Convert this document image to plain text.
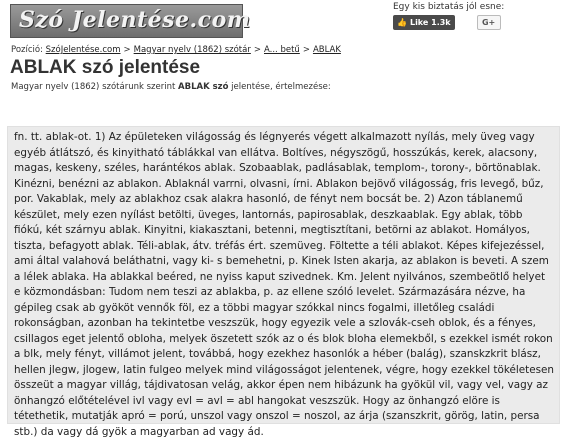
Szó Jelentése.com	Egy kis biztatás jól esne:
👍 Like 1.3k	G+
Pozíció: SzóJelentése.com > Magyar nyelv (1862) szótár > A... betű > ABLAK
ABLAK szó jelentése
Magyar nyelv (1862) szótárunk szerint ABLAK szó jelentése, értelmezése:

fn. tt. ablak-ot. 1) Az épületeken világosság és légnyerés végett alkalmazott nyílás, mely üveg vagy egyéb átlátszó, és kinyitható táblákkal van ellátva. Boltíves, négyszögű, hosszúkás, kerek, alacsony, magas, keskeny, széles, harántékos ablak. Szobaablak, padlásablak, templom-, torony-, börtönablak. Kinézni, benézni az ablakon. Ablaknál varrni, olvasni, írni. Ablakon bejövő világosság, fris levegő, bűz, por. Vakablak, mely az ablakhoz csak alakra hasonló, de fényt nem bocsát be. 2) Azon táblanemű készület, mely ezen nyílást betölti, üveges, lantornás, papirosablak, deszkaablak. Egy ablak, több fiókú, két szárnyu ablak. Kinyitni, kiakasztani, betenni, megtisztítani, betörni az ablakot. Homályos, tiszta, befagyott ablak. Téli-ablak, átv. tréfás ért. szemüveg. Föltette a téli ablakot. Képes kifejezéssel, ami által valahová beláthatni, vagy ki- s bemehetni, p. Kinek Isten akarja, az ablakon is beveti. A szem a lélek ablaka. Ha ablakkal beéred, ne nyiss kaput szivednek. Km. Jelent nyilvános, szembeötlő helyet e közmondásban: Tudom nem teszi az ablakba, p. az ellene szóló levelet. Származására nézve, ha gépileg csak ab gyököt vennők föl, ez a többi magyar szókkal nincs fogalmi, illetőleg családi rokonságban, azonban ha tekintetbe veszszük, hogy egyezik vele a szlovák-cseh oblok, és a fényes, csillagos eget jelentő obloha, melyek öszetett szók az o és blok bloha elemekből, s ezekkel ismét rokon a blk, mely fényt, villámot jelent, továbbá, hogy ezekhez hasonlók a héber (balág), szanskzkrit blász, hellen jlegw, jlogew, latin fulgeo melyek mind világosságot jelentenek, végre, hogy ezekkel tökéletesen összeüt a magyar villág, tájdivatosan velág, akkor épen nem hibázunk ha gyökül vil, vagy vel, vagy az önhangzó előtételével ivl vagy evl = avl = abl hangokat veszszük. Hogy az önhangzó elöre is tétethetik, mutatják apró = porú, unszol vagy onszol = noszol, az árja (szanszkrit, görög, latin, persa stb.) da vagy dá gyök a magyarban ad vagy ád.
